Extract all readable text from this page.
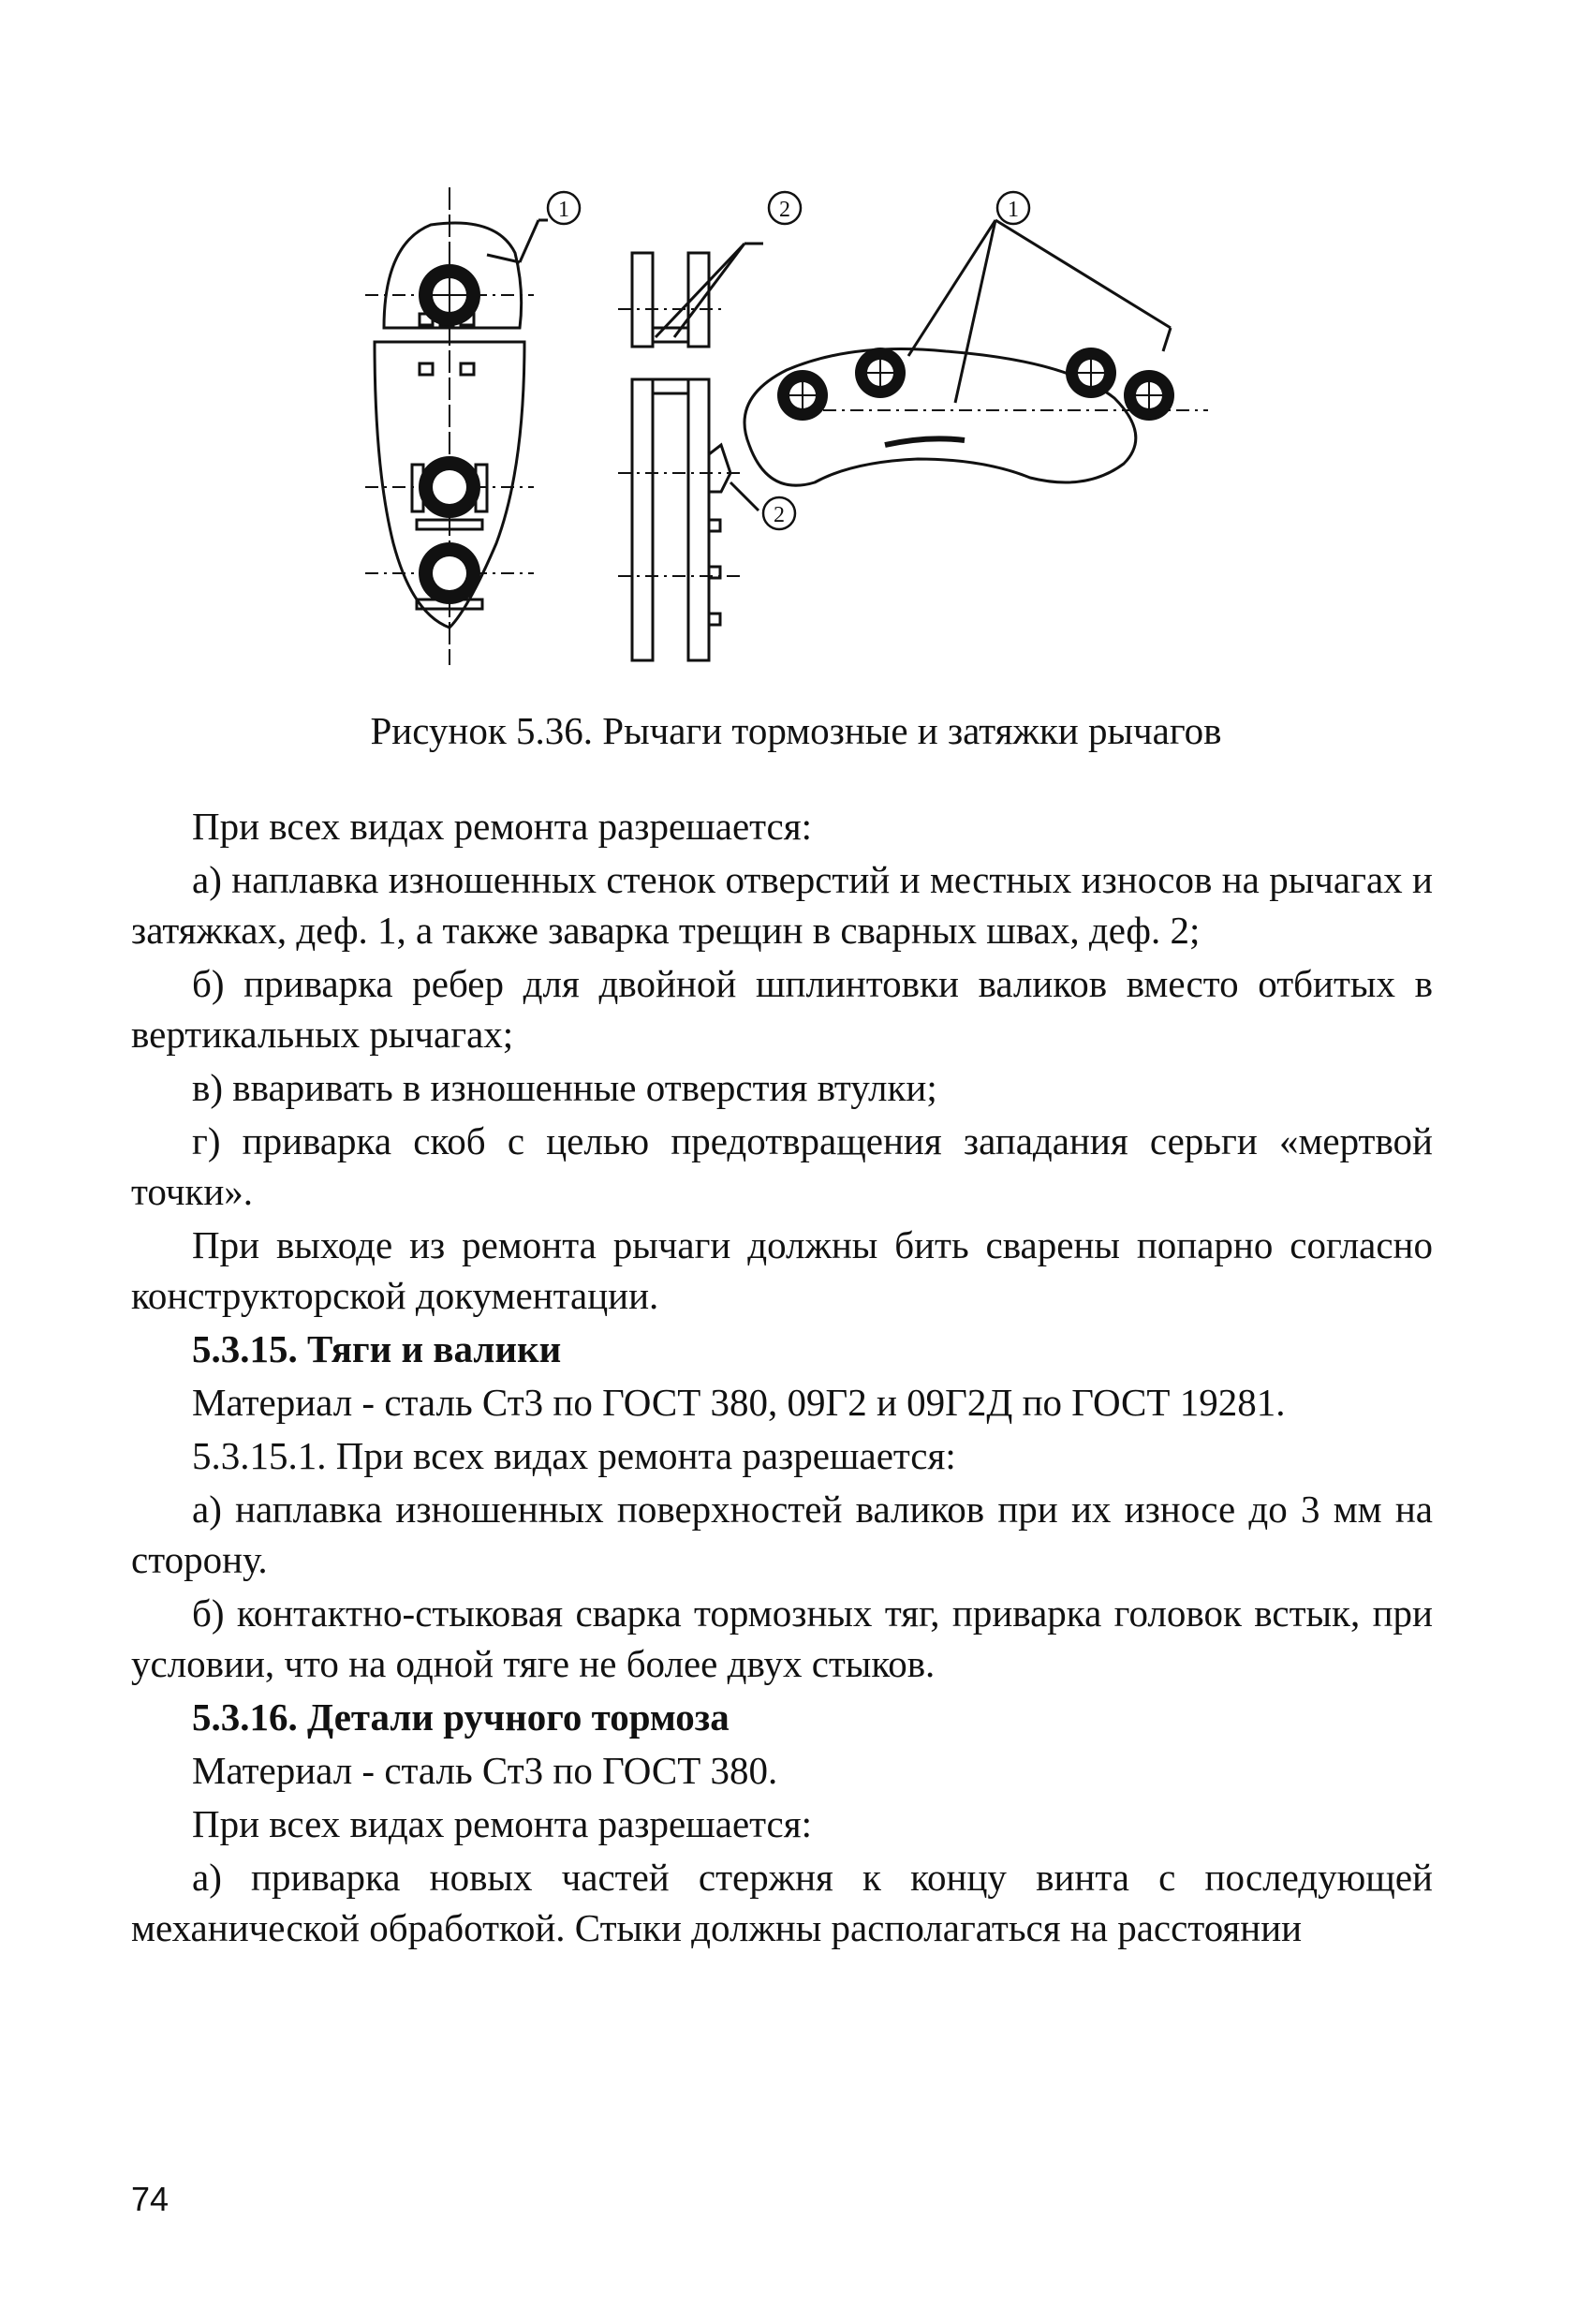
1	2	1
2
Рисунок 5.36. Рычаги тормозные и затяжки рычагов

При всех видах ремонта разрешается:

а) наплавка изношенных стенок отверстий и местных износов на рычагах и затяжках, деф. 1, а также заварка трещин в сварных швах, деф. 2;

б) приварка ребер для двойной шплинтовки валиков вместо отбитых в вертикальных рычагах;

в) вваривать в изношенные отверстия втулки;

г) приварка скоб с целью предотвращения западания серьги «мертвой точки».

При выходе из ремонта рычаги должны бить сварены попарно согласно конструкторской документации.

5.3.15. Тяги и валики

Материал - сталь Ст3 по ГОСТ 380, 09Г2 и 09Г2Д по ГОСТ 19281.

5.3.15.1. При всех видах ремонта разрешается:

а) наплавка изношенных поверхностей валиков при их износе до 3 мм на сторону.

б) контактно-стыковая сварка тормозных тяг, приварка головок встык, при условии, что на одной тяге не более двух стыков.

5.3.16. Детали ручного тормоза

Материал - сталь Ст3 по ГОСТ 380.

При всех видах ремонта разрешается:

а) приварка новых частей стержня к концу винта с последующей механической обработкой. Стыки должны располагаться на расстоянии

74
